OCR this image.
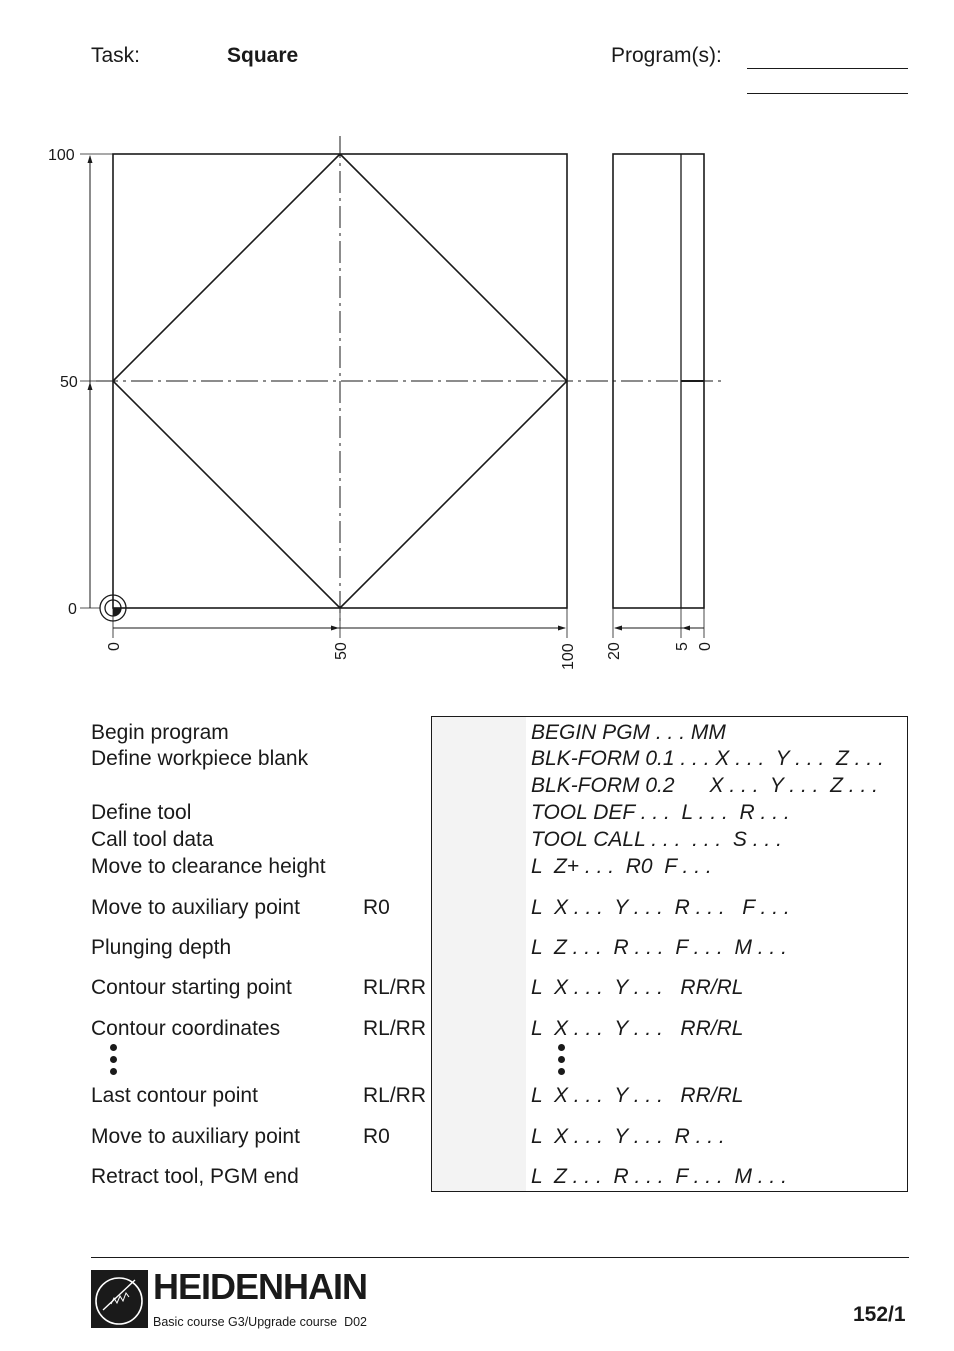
Task:	Square	Program(s):
100
50
0
0	50	100 20	5 0
Begin program	BEGIN PGM . . . MM
Define workpiece blank	BLK-FORM 0.1 . . . X . . .  Y . . .  Z . . .
BLK-FORM 0.2      X . . .  Y . . .  Z . . .
Define tool	TOOL DEF . . .  L . . .  R . . .
Call tool data	TOOL CALL . . .  . . .  S . . .
Move to clearance height	L  Z+ . . .  R0  F . . .
Move to auxiliary point	R0	L  X . . .  Y . . .  R . . .   F . . .
Plunging depth	L  Z . . .  R . . .  F . . .  M . . .
Contour starting point	RL/RR	L  X . . .  Y . . .   RR/RL
Contour coordinates	RL/RR	L  X . . .  Y . . .   RR/RL
Last contour point	RL/RR	L  X . . .  Y . . .   RR/RL
Move to auxiliary point	R0	L  X . . .  Y . . .  R . . .
Retract tool, PGM end	L  Z . . .  R . . .  F . . .  M . . .
HEIDENHAIN
Basic course G3/Upgrade course D02	152/1
